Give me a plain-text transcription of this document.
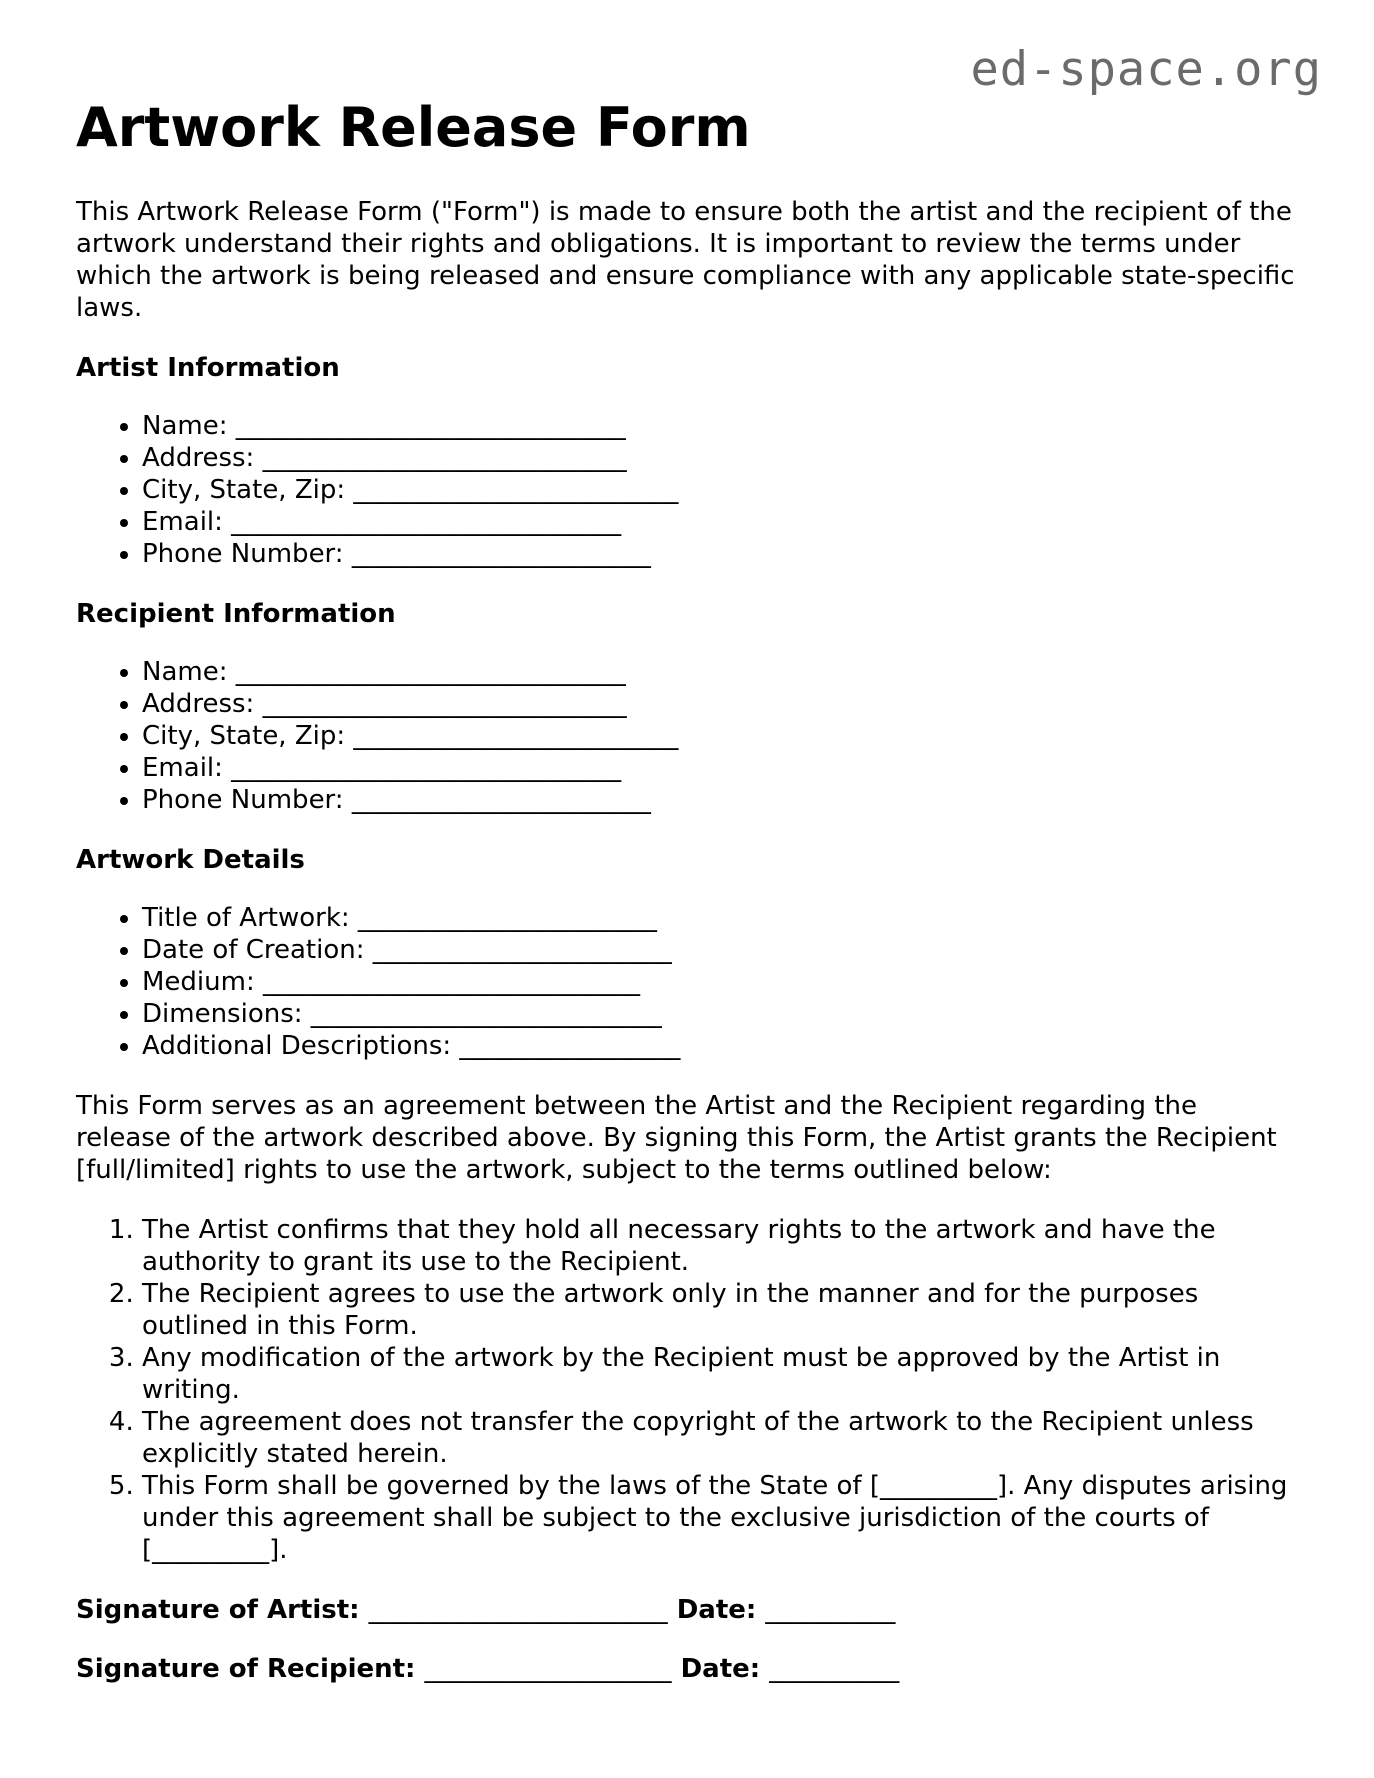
ed-space.org
Artwork Release Form

This Artwork Release Form ("Form") is made to ensure both the artist and the recipient of the artwork understand their rights and obligations. It is important to review the terms under which the artwork is being released and ensure compliance with any applicable state-specific laws.

Artist Information
• Name: ______________________________
• Address: ____________________________
• City, State, Zip: _________________________
• Email: ______________________________
• Phone Number: _______________________
Recipient Information
• Name: ______________________________
• Address: ____________________________
• City, State, Zip: _________________________
• Email: ______________________________
• Phone Number: _______________________
Artwork Details
• Title of Artwork: _______________________
• Date of Creation: _______________________
• Medium: _____________________________
• Dimensions: ___________________________
• Additional Descriptions: _________________

This Form serves as an agreement between the Artist and the Recipient regarding the release of the artwork described above. By signing this Form, the Artist grants the Recipient [full/limited] rights to use the artwork, subject to the terms outlined below:

1. The Artist confirms that they hold all necessary rights to the artwork and have the authority to grant its use to the Recipient.
2. The Recipient agrees to use the artwork only in the manner and for the purposes outlined in this Form.
3. Any modification of the artwork by the Recipient must be approved by the Artist in writing.
4. The agreement does not transfer the copyright of the artwork to the Recipient unless explicitly stated herein.
5. This Form shall be governed by the laws of the State of [_________]. Any disputes arising under this agreement shall be subject to the exclusive jurisdiction of the courts of [_________].
Signature of Artist: _______________________ Date: __________
Signature of Recipient: ___________________ Date: __________
